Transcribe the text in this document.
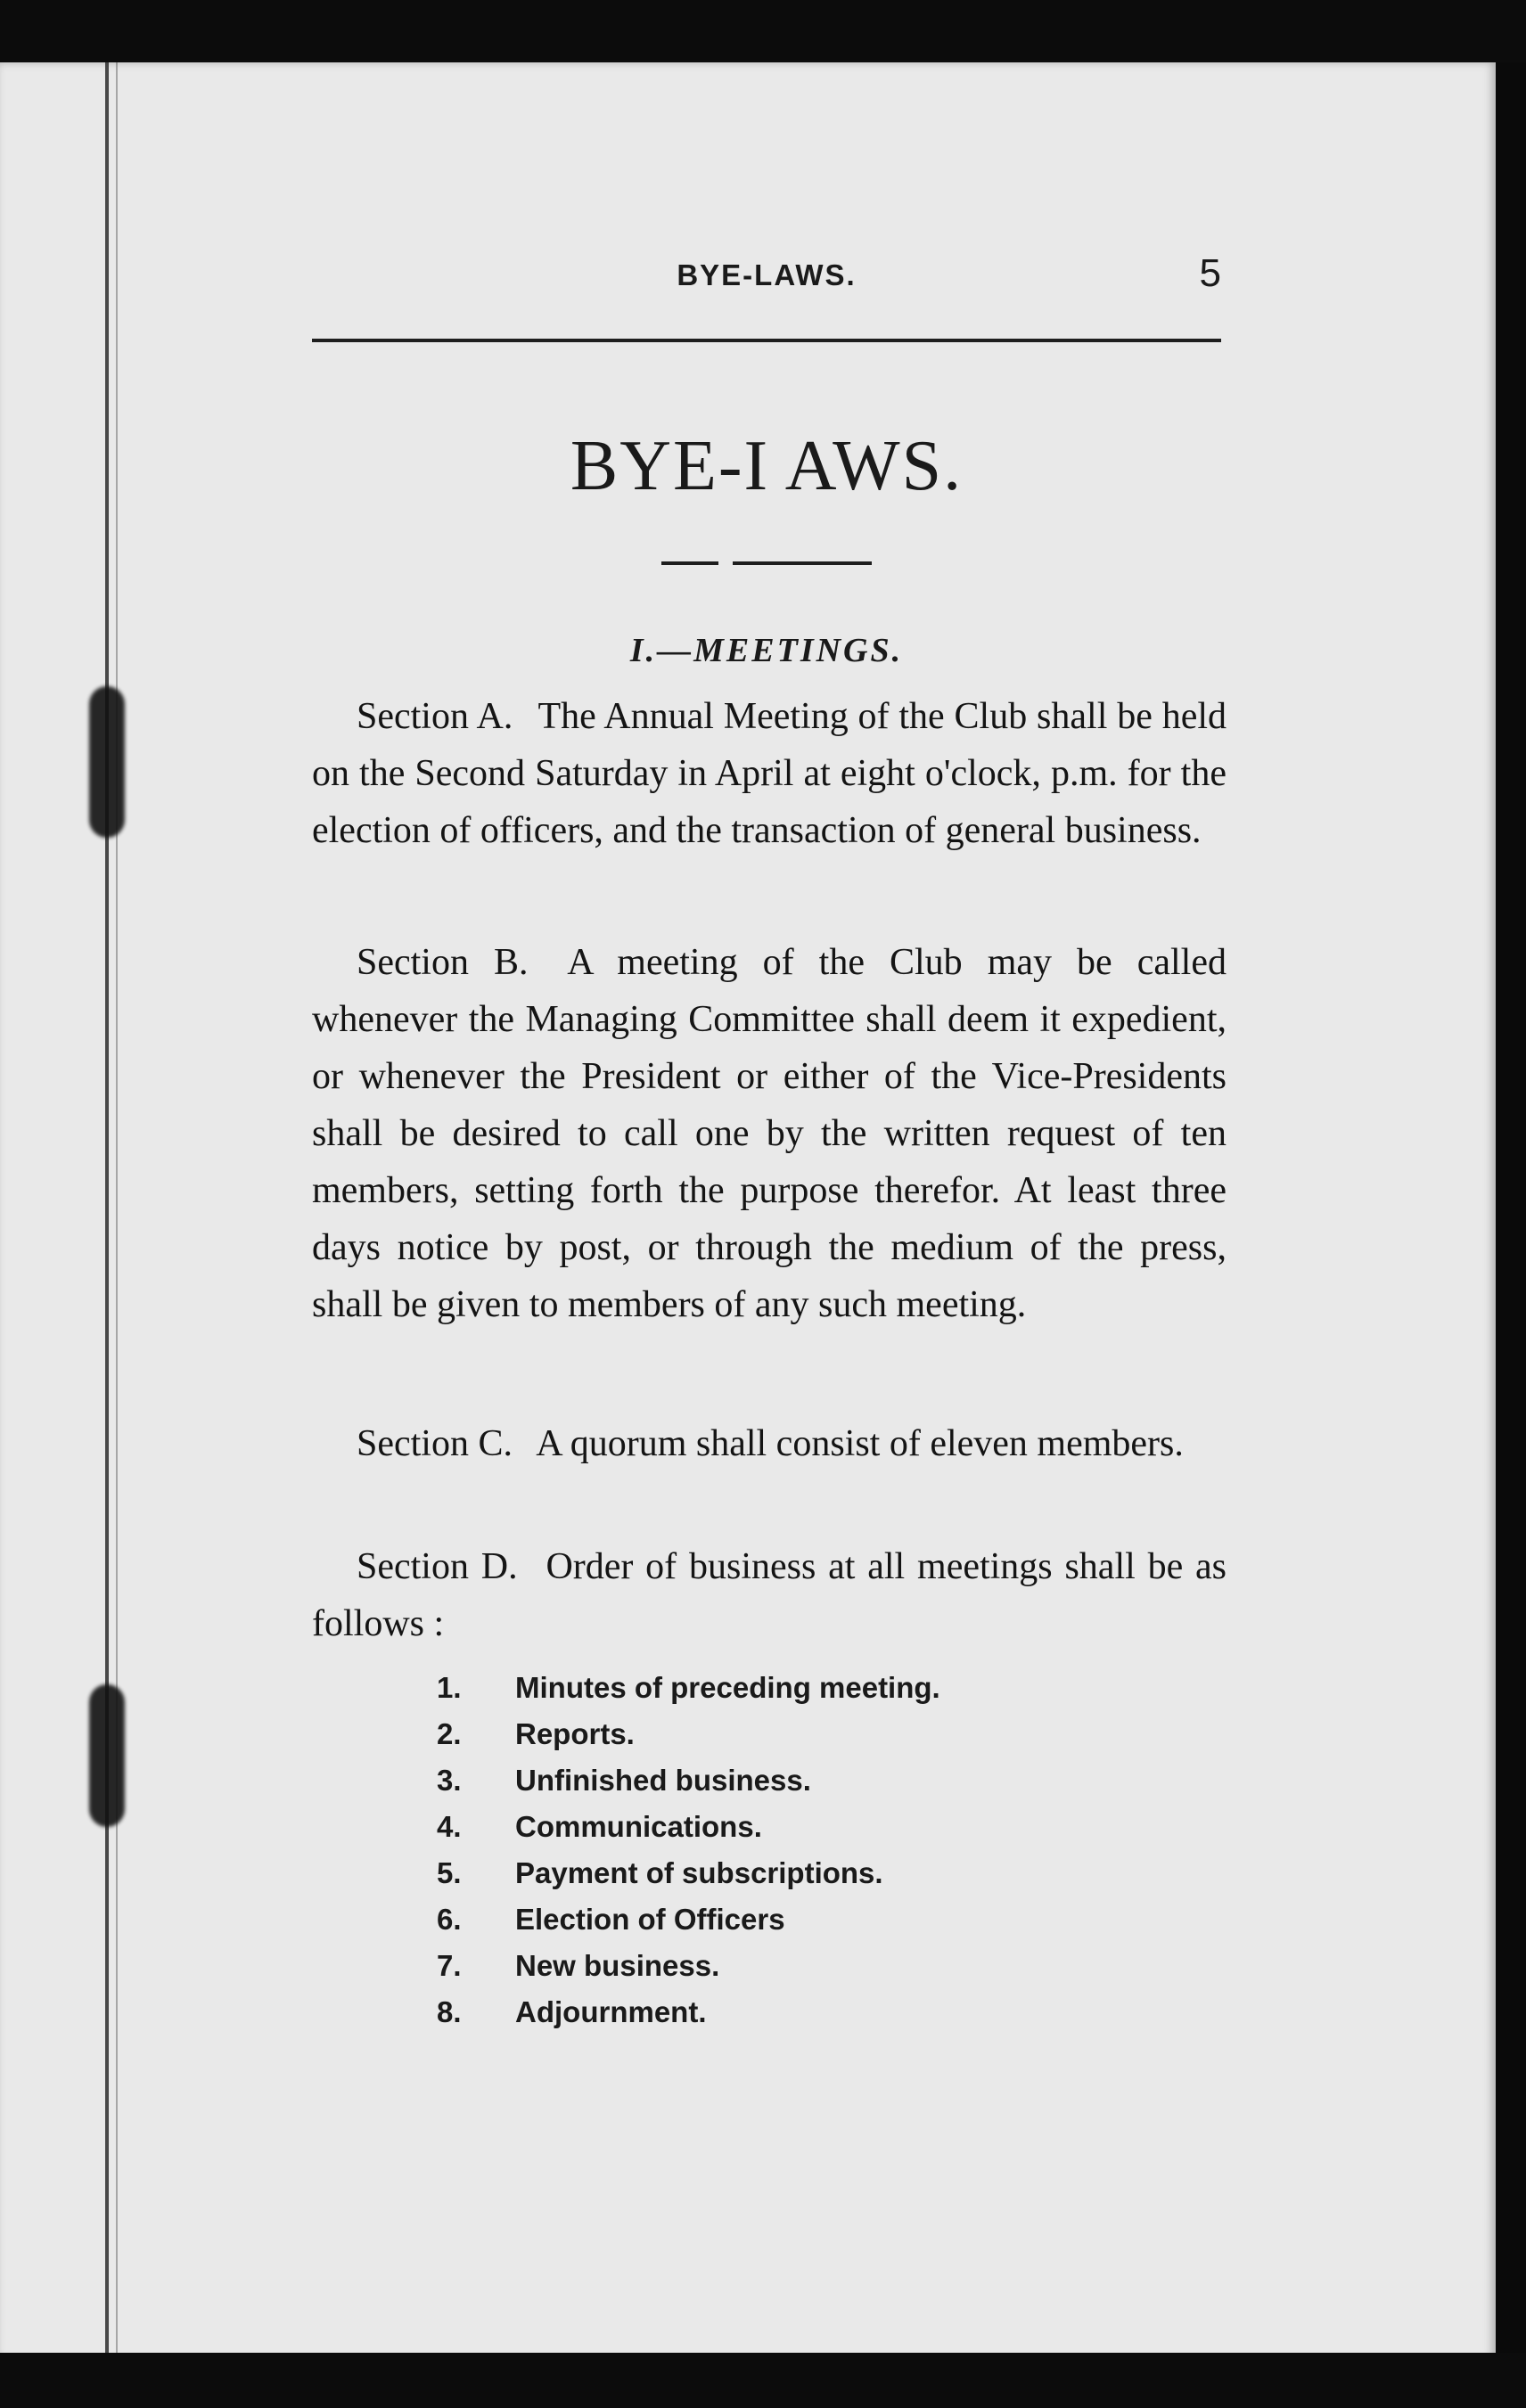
BYE-LAWS.	5
BYE-I AWS.
I.—MEETINGS.

Section A. The Annual Meeting of the Club shall be held on the Second Saturday in April at eight o'clock, p.m. for the election of officers, and the transaction of general business.

Section B. A meeting of the Club may be called whenever the Managing Committee shall deem it expedient, or whenever the President or either of the Vice-Presidents shall be desired to call one by the written request of ten members, setting forth the purpose therefor. At least three days notice by post, or through the medium of the press, shall be given to members of any such meeting.

Section C. A quorum shall consist of eleven members.

Section D. Order of business at all meetings shall be as follows :

1. Minutes of preceding meeting.
2. Reports.
3. Unfinished business.
4. Communications.
5. Payment of subscriptions.
6. Election of Officers
7. New business.
8. Adjournment.
